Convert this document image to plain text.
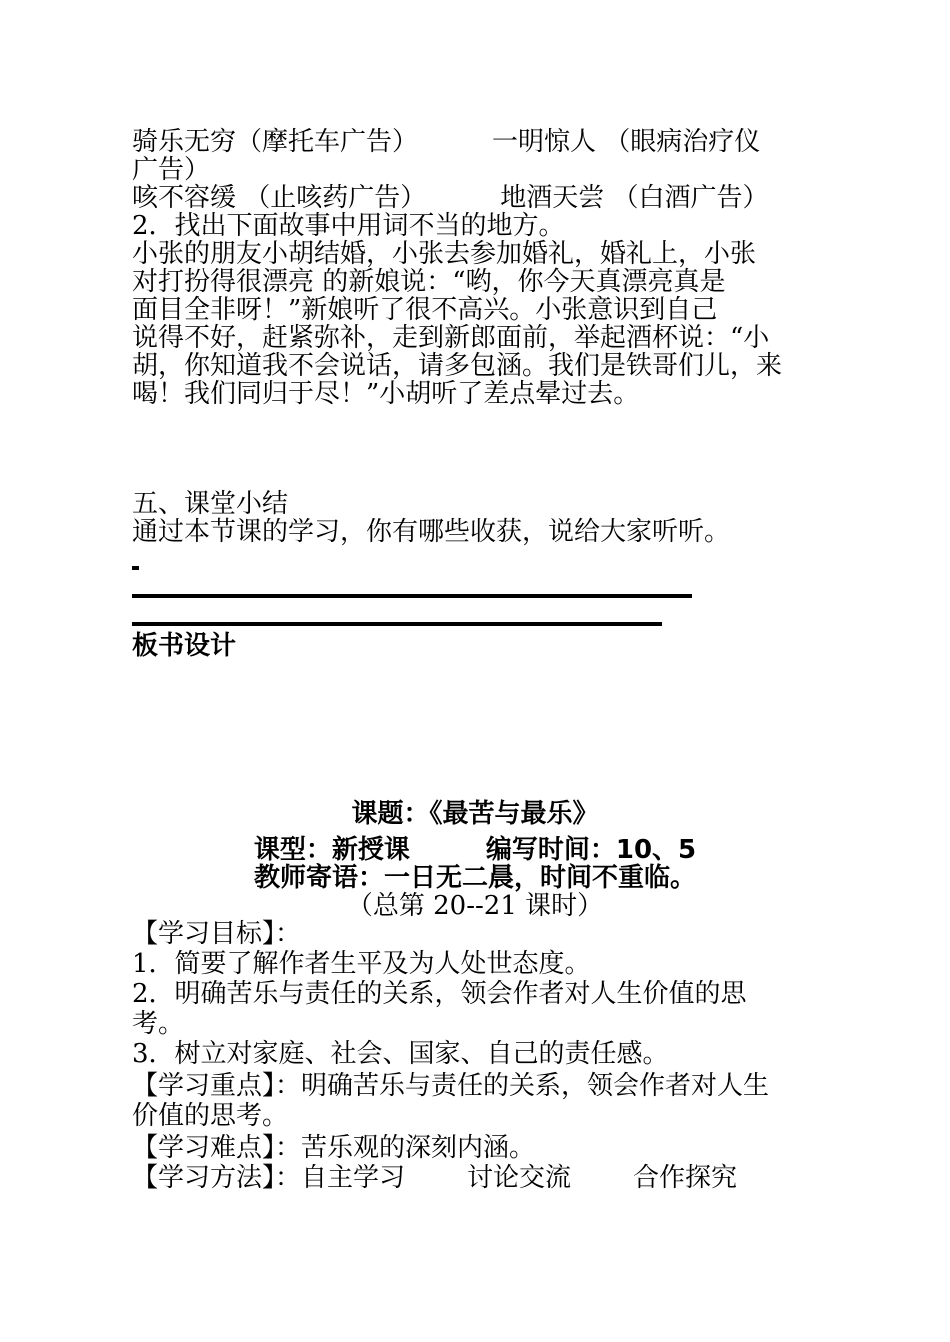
骑乐无穷（摩托车广告）	一明惊人 （眼病治疗仪
广告）
咳不容缓 （止咳药广告）	地酒天尝 （白酒广告）
2．找出下面故事中用词不当的地方。
小张的朋友小胡结婚，小张去参加婚礼，婚礼上，小张
对打扮得很漂亮 的新娘说：“哟，你今天真漂亮真是
面目全非呀！”新娘听了很不高兴。小张意识到自己
说得不好，赶紧弥补，走到新郎面前，举起酒杯说：“小
胡，你知道我不会说话，请多包涵。我们是铁哥们儿，来
喝！我们同归于尽！”小胡听了差点晕过去。
五、课堂小结
通过本节课的学习，你有哪些收获，说给大家听听。
板书设计
课题：《最苦与最乐》
课型：新授课	编写时间：10、5
教师寄语：一日无二晨，时间不重临。
（总第 20--21 课时）
【学习目标】：
1．简要了解作者生平及为人处世态度。
2．明确苦乐与责任的关系，领会作者对人生价值的思
考。
3．树立对家庭、社会、国家、自己的责任感。
【学习重点】：明确苦乐与责任的关系，领会作者对人生
价值的思考。
【学习难点】：苦乐观的深刻内涵。
【学习方法】：自主学习 讨论交流 合作探究
